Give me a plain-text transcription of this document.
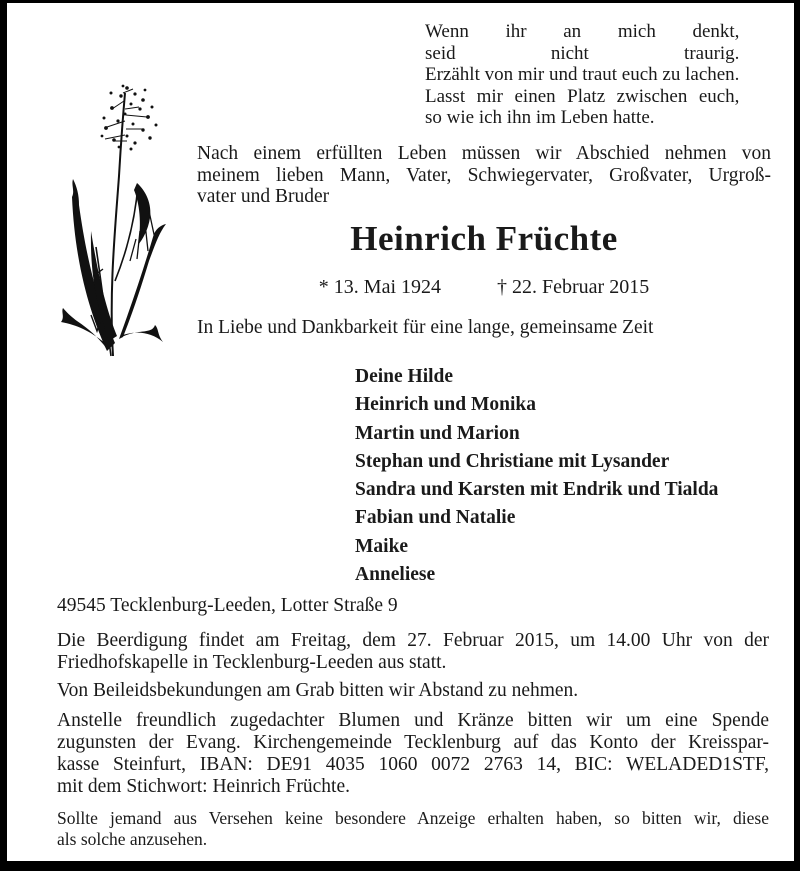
Wenn ihr an mich denkt,
seid nicht traurig.
Erzählt von mir und traut euch zu lachen.
Lasst mir einen Platz zwischen euch,
so wie ich ihn im Leben hatte.
Nach einem erfüllten Leben müssen wir Abschied nehmen von
meinem lieben Mann, Vater, Schwiegervater, Großvater, Urgroß-
vater und Bruder
Heinrich Früchte
* 13. Mai 1924	† 22. Februar 2015
In Liebe und Dankbarkeit für eine lange, gemeinsame Zeit
Deine Hilde
Heinrich und Monika
Martin und Marion
Stephan und Christiane mit Lysander
Sandra und Karsten mit Endrik und Tialda
Fabian und Natalie
Maike
Anneliese
49545 Tecklenburg-Leeden, Lotter Straße 9
Die Beerdigung findet am Freitag, dem 27. Februar 2015, um 14.00 Uhr von der
Friedhofskapelle in Tecklenburg-Leeden aus statt.
Von Beileidsbekundungen am Grab bitten wir Abstand zu nehmen.
Anstelle freundlich zugedachter Blumen und Kränze bitten wir um eine Spende
zugunsten der Evang. Kirchengemeinde Tecklenburg auf das Konto der Kreisspar-
kasse Steinfurt, IBAN: DE91 4035 1060 0072 2763 14, BIC: WELADED1STF,
mit dem Stichwort: Heinrich Früchte.
Sollte jemand aus Versehen keine besondere Anzeige erhalten haben, so bitten wir, diese
als solche anzusehen.
